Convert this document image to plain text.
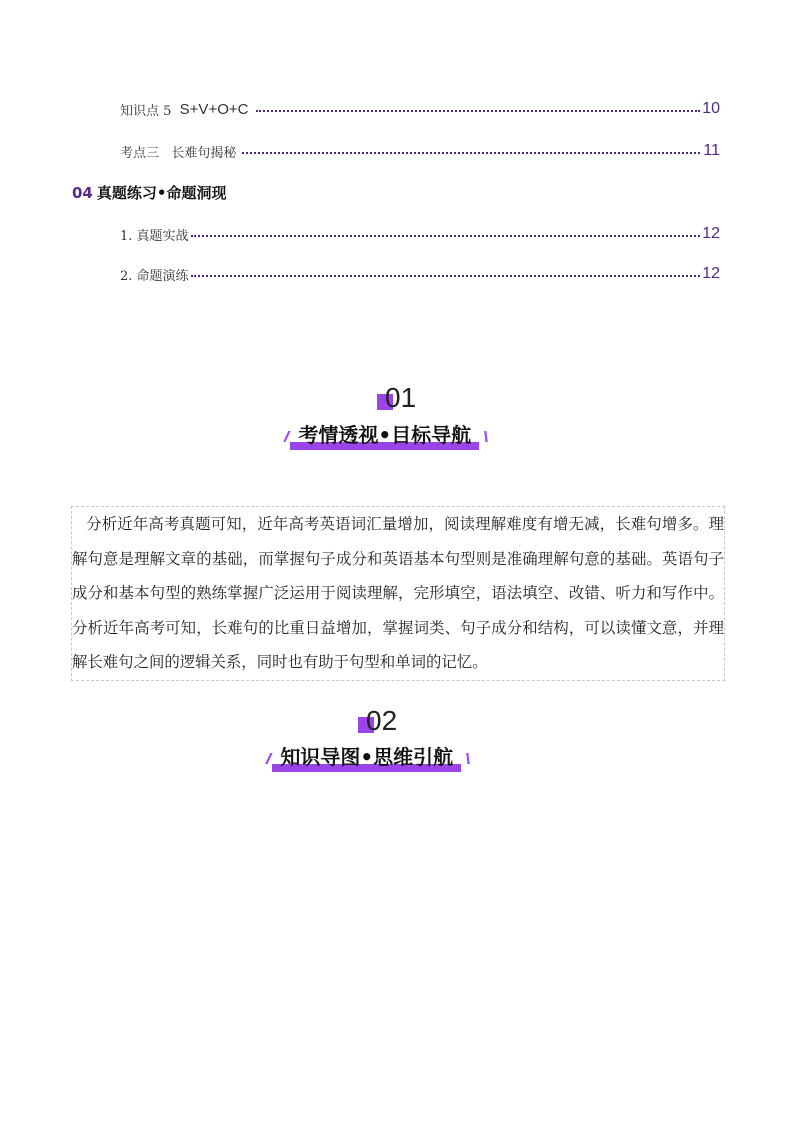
知识点 5 S+V+O+C	10
考点三   长难句揭秘	11
04 真题练习•命题洞现
1. 真题实战	12
2. 命题演练	12
01
// 考情透视•目标导航 \\
分析近年高考真题可知，近年高考英语词汇量增加，阅读理解难度有增无减，长难句增多。理解句意是理解文章的基础，而掌握句子成分和英语基本句型则是准确理解句意的基础。英语句子成分和基本句型的熟练掌握广泛运用于阅读理解，完形填空，语法填空、改错、听力和写作中。分析近年高考可知，长难句的比重日益增加，掌握词类、句子成分和结构，可以读懂文意，并理解长难句之间的逻辑关系，同时也有助于句型和单词的记忆。
02
// 知识导图•思维引航 \\
